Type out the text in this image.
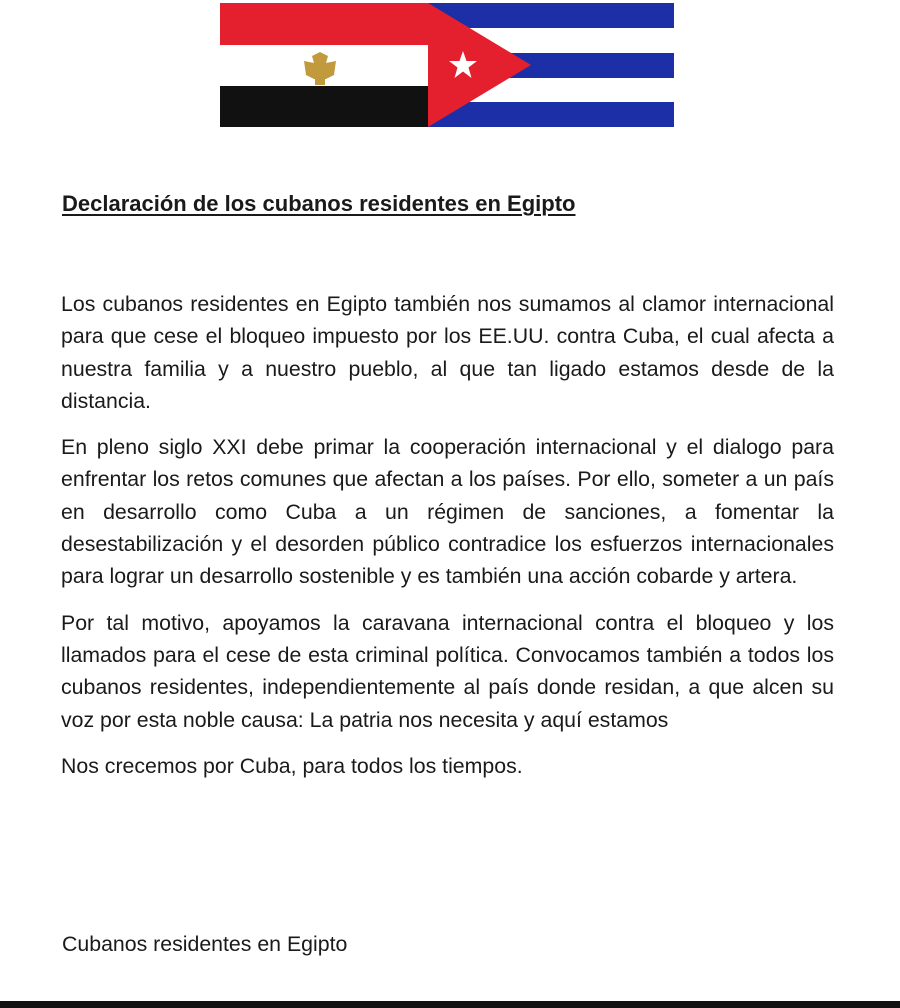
Declaración de los cubanos residentes en Egipto

Los cubanos residentes en Egipto también nos sumamos al clamor internacional para que cese el bloqueo impuesto por los EE.UU. contra Cuba, el cual afecta a nuestra familia y a nuestro pueblo, al que tan ligado estamos desde de la distancia.

En pleno siglo XXI debe primar la cooperación internacional y el dialogo para enfrentar los retos comunes que afectan a los países. Por ello, someter a un país en desarrollo como Cuba a un régimen de sanciones, a fomentar la desestabilización y el desorden público contradice los esfuerzos internacionales para lograr un desarrollo sostenible y es también una acción cobarde y artera.

Por tal motivo, apoyamos la caravana internacional contra el bloqueo y los llamados para el cese de esta criminal política. Convocamos también a todos los cubanos residentes, independientemente al país donde residan, a que alcen su voz por esta noble causa: La patria nos necesita y aquí estamos

Nos crecemos por Cuba, para todos los tiempos.

Cubanos residentes en Egipto
